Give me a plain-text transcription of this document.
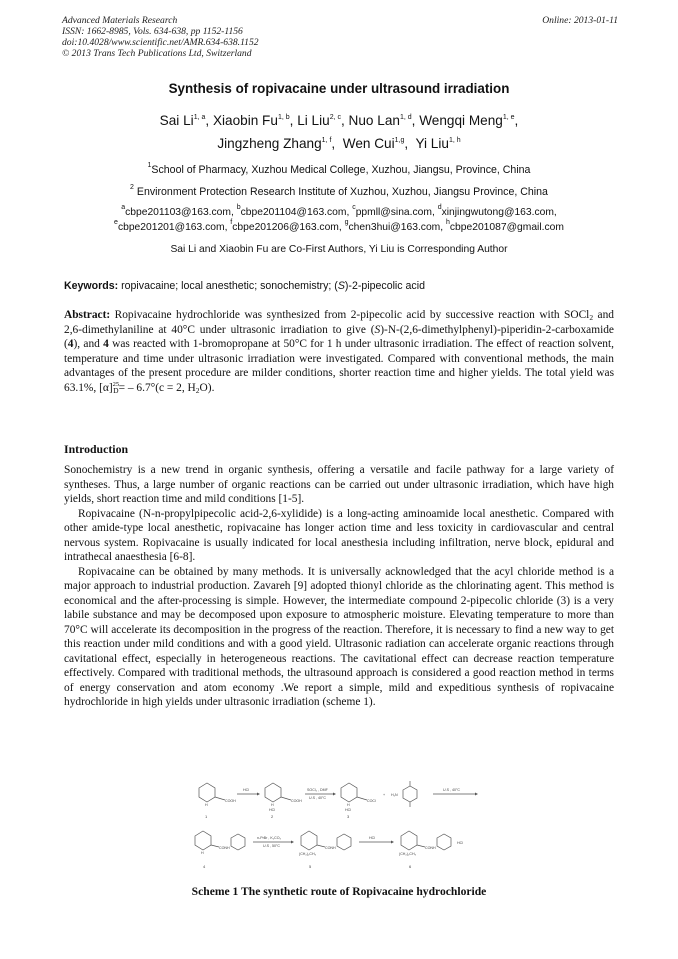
Advanced Materials Research
ISSN: 1662-8985, Vols. 634-638, pp 1152-1156
doi:10.4028/www.scientific.net/AMR.634-638.1152
© 2013 Trans Tech Publications Ltd, Switzerland
Online: 2013-01-11
Synthesis of ropivacaine under ultrasound irradiation
Sai Li$^{1, a}$, Xiaobin Fu$^{1, b}$, Li Liu$^{2, c}$, Nuo Lan$^{1, d}$, Wengqi Meng$^{1, e}$,
Jingzheng Zhang$^{1, f}$,  Wen Cui$^{1,g}$,  Yi Liu$^{1, h}$
$^1$School of Pharmacy, Xuzhou Medical College, Xuzhou, Jiangsu, Province, China
$^2$ Environment Protection Research Institute of Xuzhou, Xuzhou, Jiangsu Province, China
$^a$cbpe201103@163.com, $^b$cbpe201104@163.com, $^c$ppmll@sina.com, $^d$xinjingwutong@163.com,
$^e$cbpe201201@163.com, $^f$cbpe201206@163.com, $^g$chen3hui@163.com, $^h$cbpe201087@gmail.com
Sai Li and Xiaobin Fu are Co-First Authors, Yi Liu is Corresponding Author
Keywords: ropivacaine; local anesthetic; sonochemistry; (S)-2-pipecolic acid

Abstract: Ropivacaine hydrochloride was synthesized from 2-pipecolic acid by successive reaction with SOCl$_2$ and 2,6-dimethylaniline at 40°C under ultrasonic irradiation to give (S)-N-(2,6-dimethylphenyl)-piperidin-2-carboxamide (4), and 4 was reacted with 1-bromopropane at 50°C for 1 h under ultrasonic irradiation. The effect of reaction solvent, temperature and time under ultrasonic irradiation were investigated. Compared with conventional methods, the main advantages of the present procedure are milder conditions, shorter reaction time and higher yields. The total yield was 63.1%, $[\alpha]^{25}_D= - 6.7^\circ(c = 2$, $H_2O$).

Introduction

Sonochemistry is a new trend in organic synthesis, offering a versatile and facile pathway for a large variety of syntheses. Thus, a large number of organic reactions can be carried out under ultrasonic irradiation, which have high yields, short reaction time and mild conditions [1-5].

Ropivacaine (N-n-propylpipecolic acid-2,6-xylidide) is a long-acting aminoamide local anesthetic. Compared with other amide-type local anesthetic, ropivacaine has longer action time and less toxicity in cardiovascular and central nervous system. Ropivacaine is usually indicated for local anesthesia including infiltration, nerve block, epidural and intrathecal anaesthesia [6-8].

Ropivacaine can be obtained by many methods. It is universally acknowledged that the acyl chloride method is a major approach to industrial production. Zavareh [9] adopted thionyl chloride as the chlorinating agent. This method is economical and the after-processing is simple. However, the intermediate compound 2-pipecolic chloride (3) is a very labile substance and may be decomposed upon exposure to atmospheric moisture. Elevating temperature to more than 70°C will accelerate its decomposition in the progress of the reaction. Therefore, it is necessary to find a new way to get this reaction under mild conditions and with a good yield. Ultrasonic radiation can accelerate organic reactions through cavitational effect, especially in heterogeneous reactions. The cavitational effect can decrease reaction temperature effectively. Compared with traditional methods, the ultrasound approach is considered a good reaction method in terms of energy conservation and atom economy .We report a simple, mild and expeditious synthesis of ropivacaine hydrochloride in high yields under ultrasonic irradiation (scheme 1).

COOH
H
HCl
COOH
H
HCl
SOCl₂ , DMF
U.S , 40°C
COCl
H
HCl
+ H₂N
U.S , 40°C
1	2	3
CONH
H
n-PrBr , K₂CO₃
U.S , 50°C	CONH
(CH₂)₂CH₃
HCl
CONH
(CH₂)₂CH₃
HCl
4	5	6
Scheme 1 The synthetic route of Ropivacaine hydrochloride
